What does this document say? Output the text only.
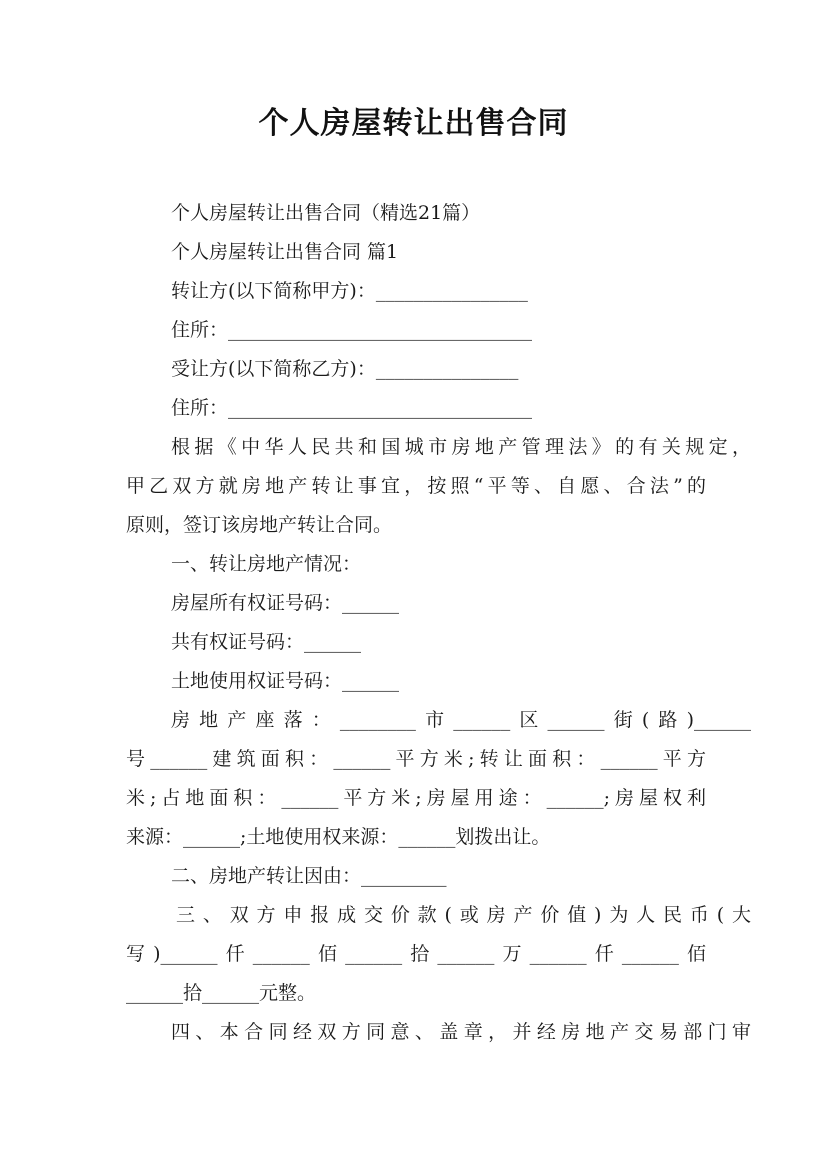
个人房屋转让出售合同
个人房屋转让出售合同（精选21篇）
个人房屋转让出售合同 篇1
转让方(以下简称甲方)：________________
住所：________________________________
受让方(以下简称乙方)：_______________
住所：________________________________
根据《中华人民共和国城市房地产管理法》的有关规定，
甲乙双方就房地产转让事宜，按照“平等、自愿、合法”的
原则，签订该房地产转让合同。
一、转让房地产情况：
房屋所有权证号码：______
共有权证号码：______
土地使用权证号码：______
房地产座落：________市______区______街(路)______
号______建筑面积：______平方米;转让面积：______平方
米;占地面积：______平方米;房屋用途：______;房屋权利
来源：______;土地使用权来源：______划拨出让。
二、房地产转让因由：_________
三、双方申报成交价款(或房产价值)为人民币(大
写)______仟______佰______拾______万______仟______佰
______拾______元整。
四、本合同经双方同意、盖章，并经房地产交易部门审
